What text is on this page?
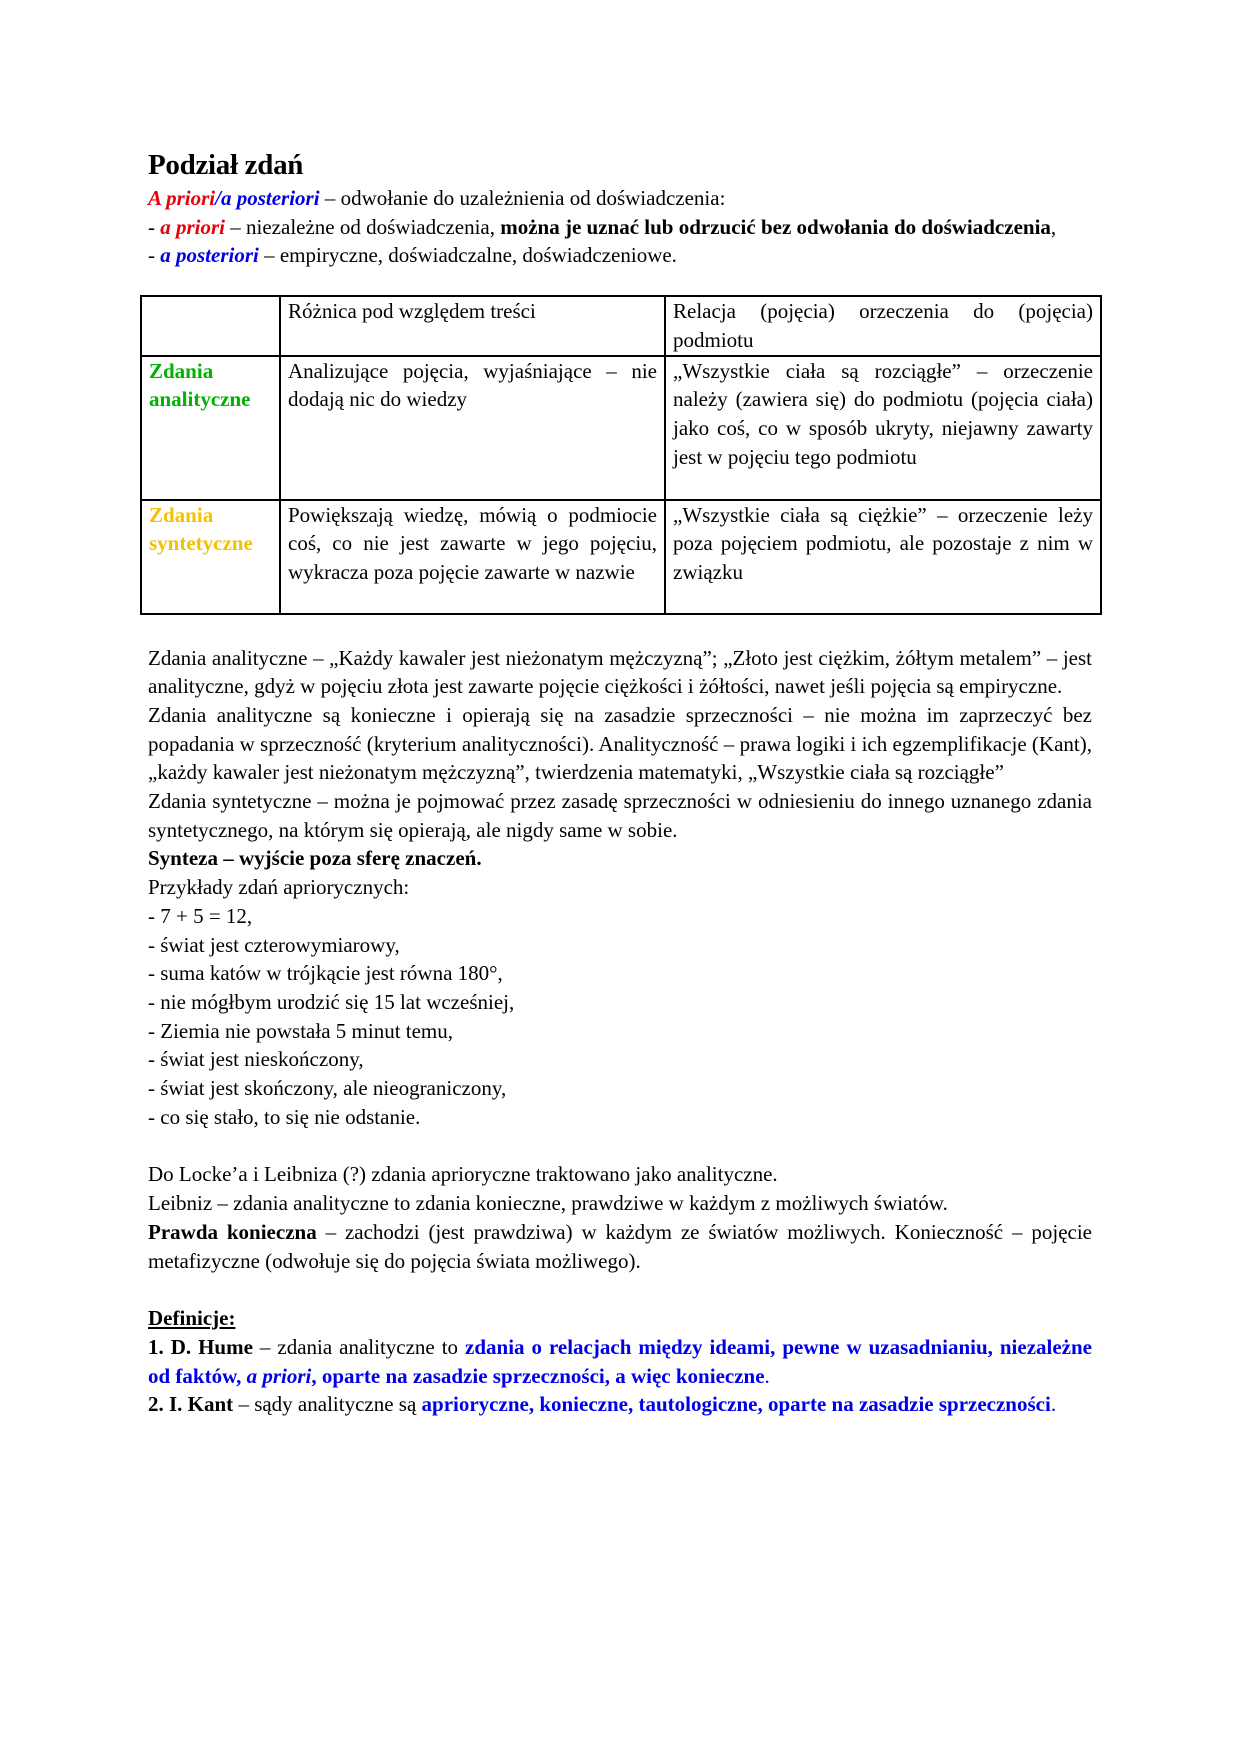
Podział zdań

A priori/a posteriori – odwołanie do uzależnienia od doświadczenia:

- a priori – niezależne od doświadczenia, można je uznać lub odrzucić bez odwołania do doświadczenia,

- a posteriori – empiryczne, doświadczalne, doświadczeniowe.

	Różnica pod względem treści	Relacja (pojęcia) orzeczenia do (pojęcia) podmiotu
Zdania analityczne	Analizujące pojęcia, wyjaśniające – nie dodają nic do wiedzy	„Wszystkie ciała są rozciągłe” – orzeczenie należy (zawiera się) do podmiotu (pojęcia ciała) jako coś, co w sposób ukryty, niejawny zawarty jest w pojęciu tego podmiotu
Zdania syntetyczne	Powiększają wiedzę, mówią o podmiocie coś, co nie jest zawarte w jego pojęciu, wykracza poza pojęcie zawarte w nazwie	„Wszystkie ciała są ciężkie” – orzeczenie leży poza pojęciem podmiotu, ale pozostaje z nim w związku

Zdania analityczne – „Każdy kawaler jest nieżonatym mężczyzną”; „Złoto jest ciężkim, żółtym metalem” – jest analityczne, gdyż w pojęciu złota jest zawarte pojęcie ciężkości i żółtości, nawet jeśli pojęcia są empiryczne.

Zdania analityczne są konieczne i opierają się na zasadzie sprzeczności – nie można im zaprzeczyć bez popadania w sprzeczność (kryterium analityczności). Analityczność – prawa logiki i ich egzemplifikacje (Kant), „każdy kawaler jest nieżonatym mężczyzną”, twierdzenia matematyki, „Wszystkie ciała są rozciągłe”

Zdania syntetyczne – można je pojmować przez zasadę sprzeczności w odniesieniu do innego uznanego zdania syntetycznego, na którym się opierają, ale nigdy same w sobie.

Synteza – wyjście poza sferę znaczeń.

Przykłady zdań apriorycznych:

- 7 + 5 = 12,
- świat jest czterowymiarowy,
- suma katów w trójkącie jest równa 180°,
- nie mógłbym urodzić się 15 lat wcześniej,
- Ziemia nie powstała 5 minut temu,
- świat jest nieskończony,
- świat jest skończony, ale nieograniczony,
- co się stało, to się nie odstanie.

Do Locke’a i Leibniza (?) zdania aprioryczne traktowano jako analityczne.

Leibniz – zdania analityczne to zdania konieczne, prawdziwe w każdym z możliwych światów.

Prawda konieczna – zachodzi (jest prawdziwa) w każdym ze światów możliwych. Konieczność – pojęcie metafizyczne (odwołuje się do pojęcia świata możliwego).

Definicje:

1. D. Hume – zdania analityczne to zdania o relacjach między ideami, pewne w uzasadnianiu, niezależne od faktów, a priori, oparte na zasadzie sprzeczności, a więc konieczne.

2. I. Kant – sądy analityczne są aprioryczne, konieczne, tautologiczne, oparte na zasadzie sprzeczności.
